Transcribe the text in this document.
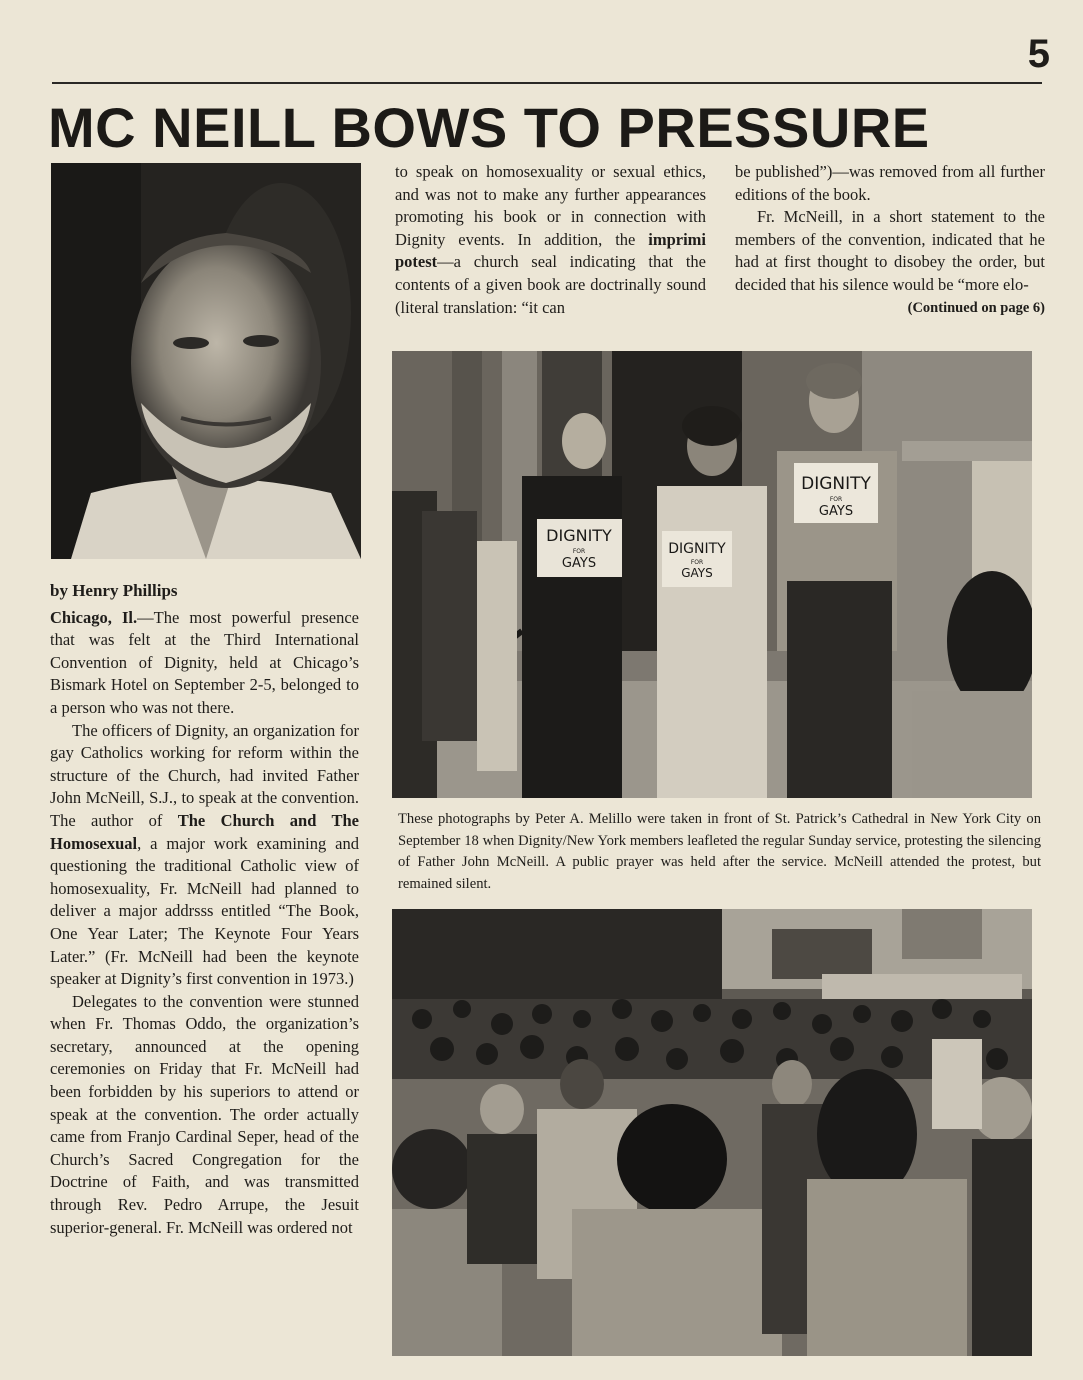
5
MC NEILL BOWS TO PRESSURE

by Henry Phillips

Chicago, Il.—The most powerful presence that was felt at the Third International Convention of Dignity, held at Chicago’s Bismark Hotel on September 2-5, belonged to a person who was not there.

The officers of Dignity, an organization for gay Catholics working for reform within the structure of the Church, had invited Father John McNeill, S.J., to speak at the convention. The author of The Church and The Homosexual, a major work examining and questioning the traditional Catholic view of homosexuality, Fr. McNeill had planned to deliver a major addrsss entitled “The Book, One Year Later; The Keynote Four Years Later.” (Fr. McNeill had been the keynote speaker at Dignity’s first convention in 1973.)

Delegates to the convention were stunned when Fr. Thomas Oddo, the organization’s secretary, announced at the opening ceremonies on Friday that Fr. McNeill had been forbidden by his superiors to attend or speak at the convention. The order actually came from Franjo Cardinal Seper, head of the Church’s Sacred Congregation for the Doctrine of Faith, and was transmitted through Rev. Pedro Arrupe, the Jesuit superior-general. Fr. McNeill was ordered not

to speak on homosexuality or sexual ethics, and was not to make any further appearances promoting his book or in connection with Dignity events. In addition, the imprimi potest—a church seal indicating that the contents of a given book are doctrinally sound (literal translation: “it can

be published”)—was removed from all further editions of the book.

Fr. McNeill, in a short statement to the members of the convention, indicated that he had at first thought to disobey the order, but decided that his silence would be “more elo-

(Continued on page 6)

DIGNITY
FOR
GAYS
DIGNITY
FOR
GAYS
DIGNITY
FOR
GAYS

These photographs by Peter A. Melillo were taken in front of St. Patrick’s Cathedral in New York City on September 18 when Dignity/New York members leafleted the regular Sunday service, protesting the silencing of Father John McNeill. A public prayer was held after the service. McNeill attended the protest, but remained silent.
